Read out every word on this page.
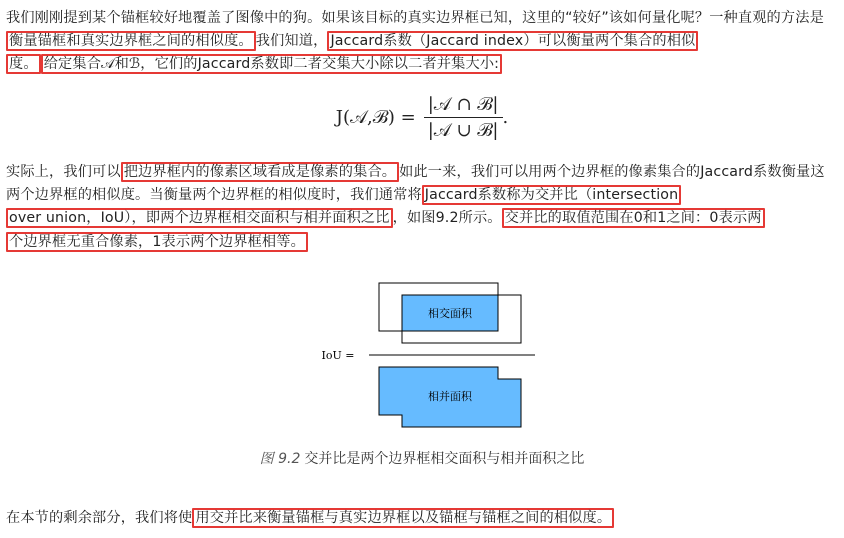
我们刚刚提到某个锚框较好地覆盖了图像中的狗。如果该目标的真实边界框已知，这里的“较好”该如何量化呢？一种直观的方法是衡量锚框和真实边界框之间的相似度。 我们知道， Jaccard系数（Jaccard index）可以衡量两个集合的相似
度。 给定集合𝒜和ℬ，它们的Jaccard系数即二者交集大小除以二者并集大小:
J(𝒜,ℬ) = $\frac{\text{|𝒜 ∩ ℬ|}}{\text{|𝒜 ∪ ℬ|}}$ .
实际上，我们可以 把边界框内的像素区域看成是像素的集合。 如此一来，我们可以用两个边界框的像素集合的Jaccard系数衡量这两个边界框的相似度。当衡量两个边界框的相似度时，我们通常将 Jaccard系数称为交并比（intersection
over union，IoU），即两个边界框相交面积与相并面积之比 ，如图9.2所示。 交并比的取值范围在0和1之间：0表示两
个边界框无重合像素，1表示两个边界框相等。
相交面积
IoU =
相并面积
图 9.2 交并比是两个边界框相交面积与相并面积之比
在本节的剩余部分，我们将使 用交并比来衡量锚框与真实边界框以及锚框与锚框之间的相似度。
